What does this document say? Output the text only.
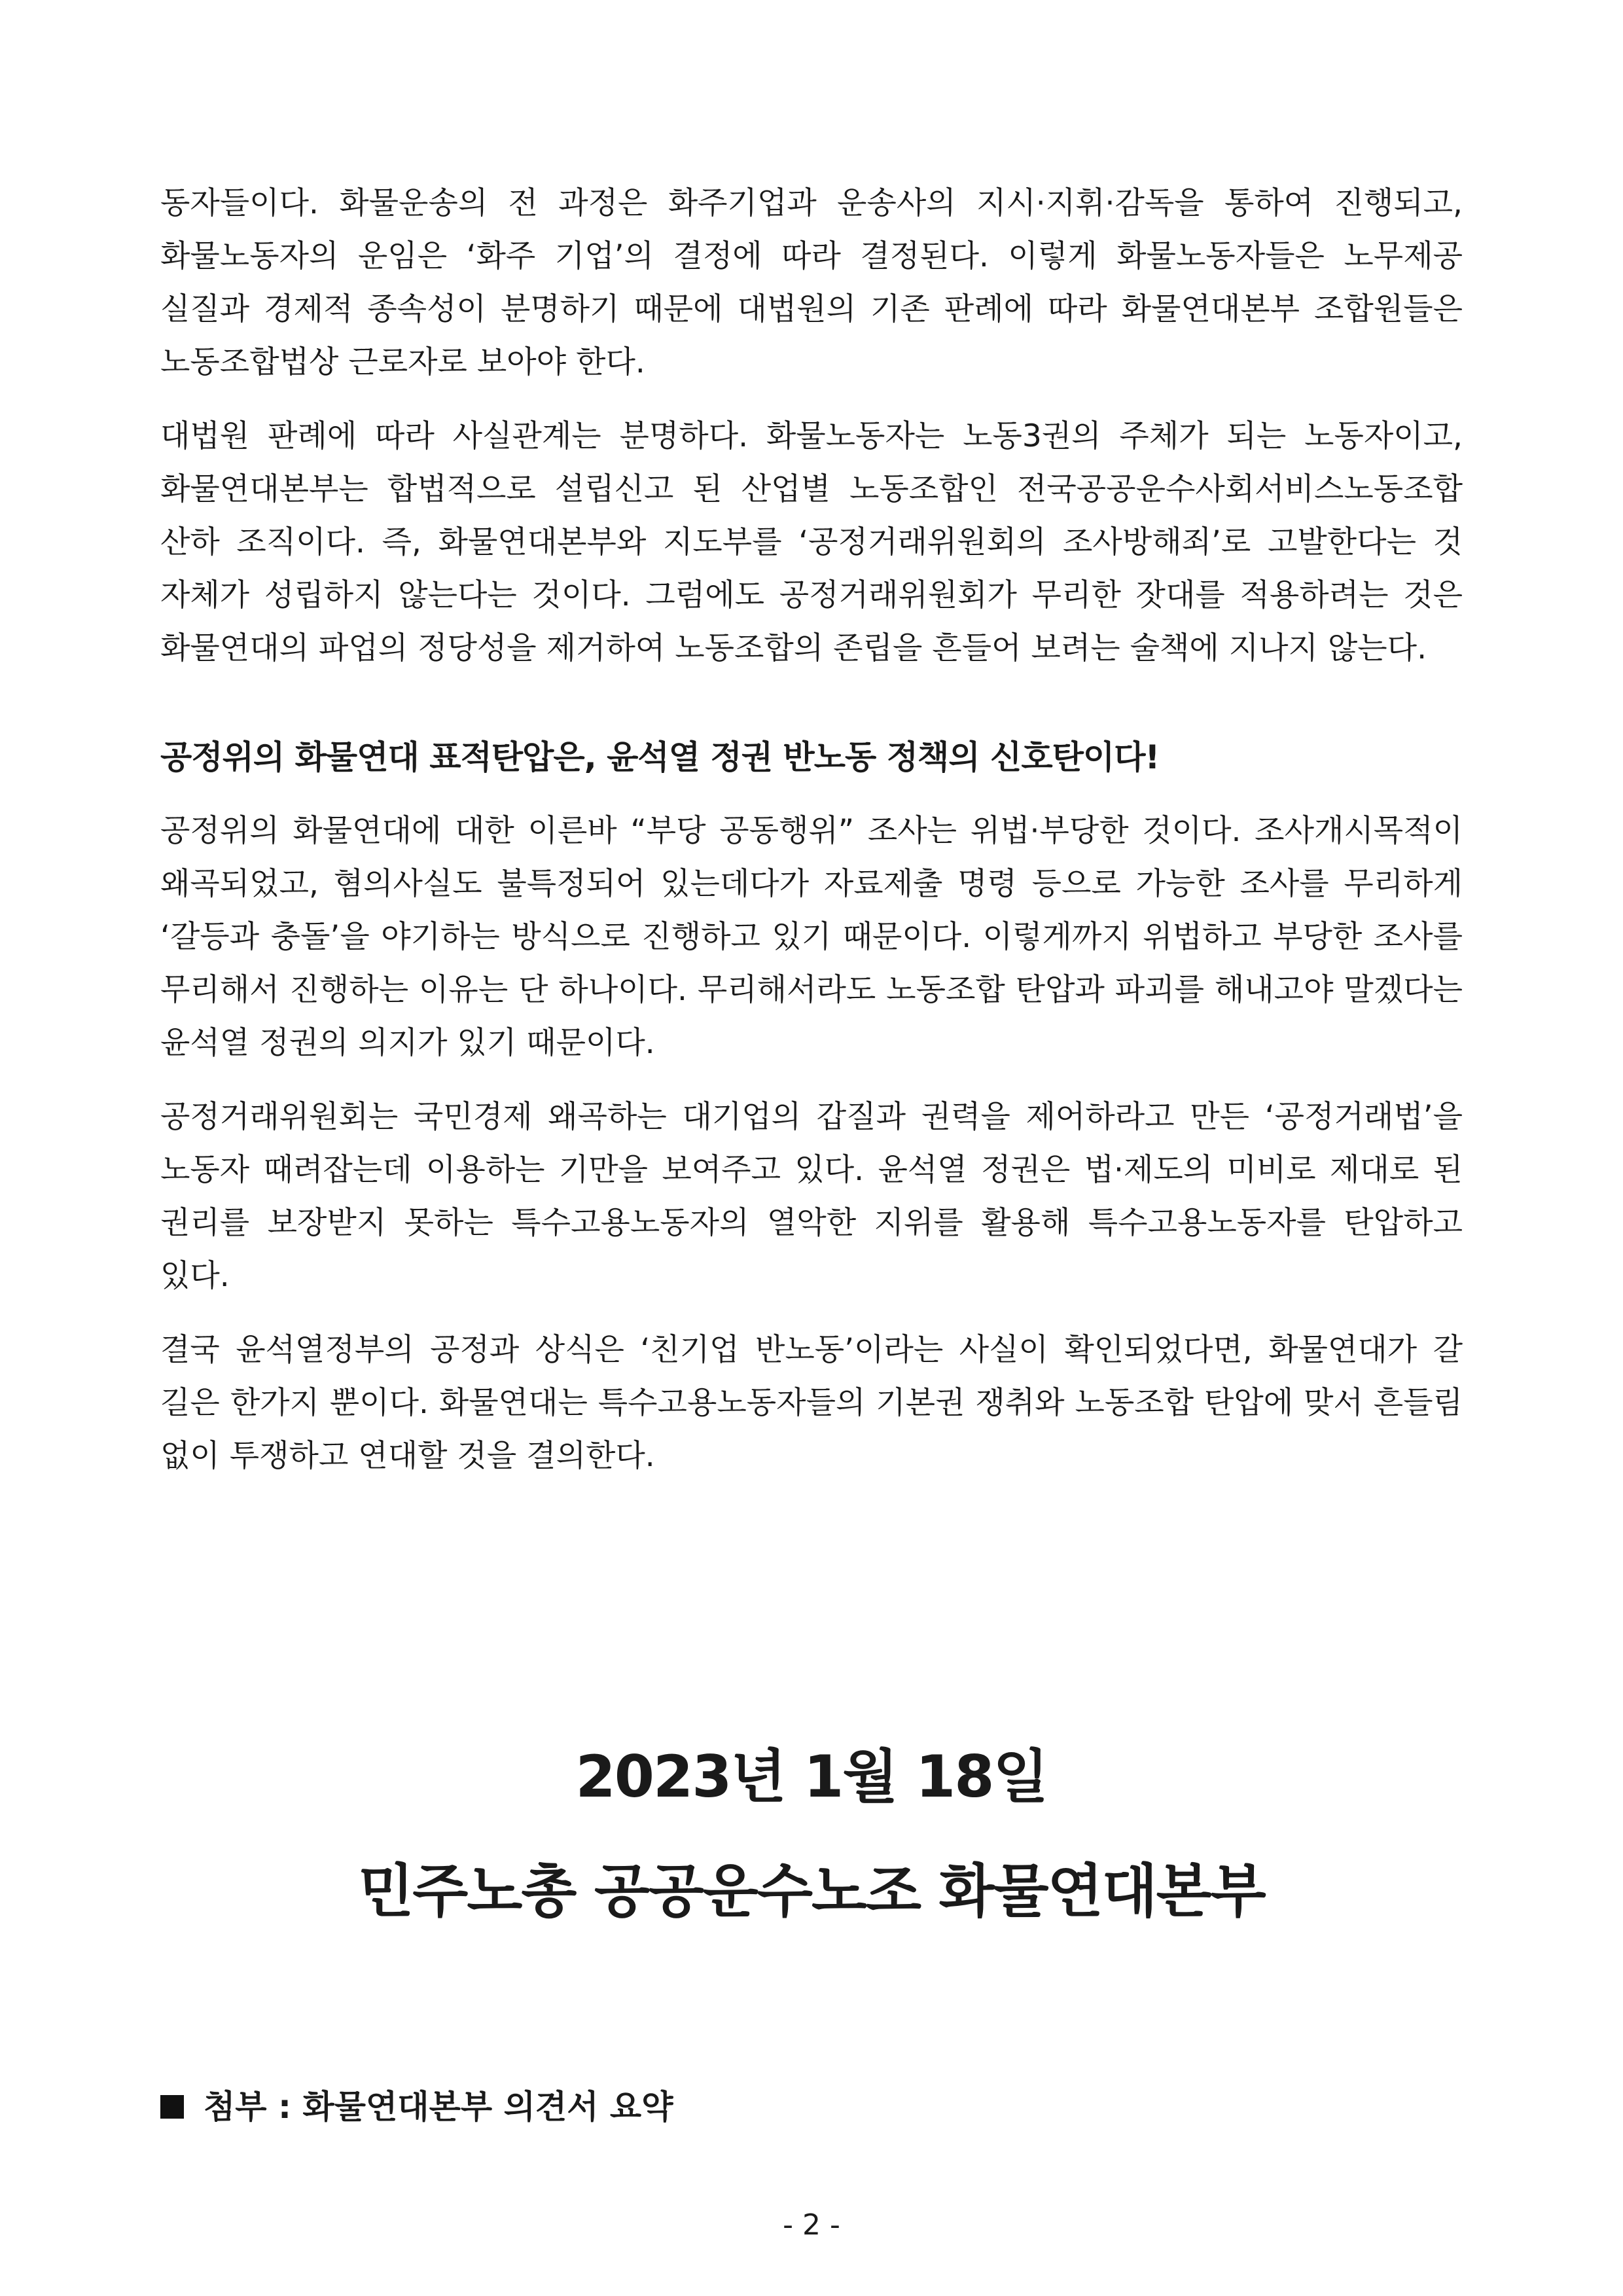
동자들이다. 화물운송의 전 과정은 화주기업과 운송사의 지시·지휘·감독을 통하여 진행되고, 화물노동자의 운임은 ‘화주 기업’의 결정에 따라 결정된다. 이렇게 화물노동자들은 노무제공 실질과 경제적 종속성이 분명하기 때문에 대법원의 기존 판례에 따라 화물연대본부 조합원들은 노동조합법상 근로자로 보아야 한다.

대법원 판례에 따라 사실관계는 분명하다. 화물노동자는 노동3권의 주체가 되는 노동자이고, 화물연대본부는 합법적으로 설립신고 된 산업별 노동조합인 전국공공운수사회서비스노동조합 산하 조직이다. 즉, 화물연대본부와 지도부를 ‘공정거래위원회의 조사방해죄’로 고발한다는 것 자체가 성립하지 않는다는 것이다. 그럼에도 공정거래위원회가 무리한 잣대를 적용하려는 것은 화물연대의 파업의 정당성을 제거하여 노동조합의 존립을 흔들어 보려는 술책에 지나지 않는다.

공정위의 화물연대 표적탄압은, 윤석열 정권 반노동 정책의 신호탄이다!

공정위의 화물연대에 대한 이른바 “부당 공동행위” 조사는 위법·부당한 것이다. 조사개시목적이 왜곡되었고, 혐의사실도 불특정되어 있는데다가 자료제출 명령 등으로 가능한 조사를 무리하게 ‘갈등과 충돌’을 야기하는 방식으로 진행하고 있기 때문이다. 이렇게까지 위법하고 부당한 조사를 무리해서 진행하는 이유는 단 하나이다. 무리해서라도 노동조합 탄압과 파괴를 해내고야 말겠다는 윤석열 정권의 의지가 있기 때문이다.

공정거래위원회는 국민경제 왜곡하는 대기업의 갑질과 권력을 제어하라고 만든 ‘공정거래법’을 노동자 때려잡는데 이용하는 기만을 보여주고 있다. 윤석열 정권은 법·제도의 미비로 제대로 된 권리를 보장받지 못하는 특수고용노동자의 열악한 지위를 활용해 특수고용노동자를 탄압하고 있다.

결국 윤석열정부의 공정과 상식은 ‘친기업 반노동’이라는 사실이 확인되었다면, 화물연대가 갈 길은 한가지 뿐이다. 화물연대는 특수고용노동자들의 기본권 쟁취와 노동조합 탄압에 맞서 흔들림 없이 투쟁하고 연대할 것을 결의한다.

2023년 1월 18일
민주노총 공공운수노조 화물연대본부
첨부 : 화물연대본부 의견서 요약
- 2 -
